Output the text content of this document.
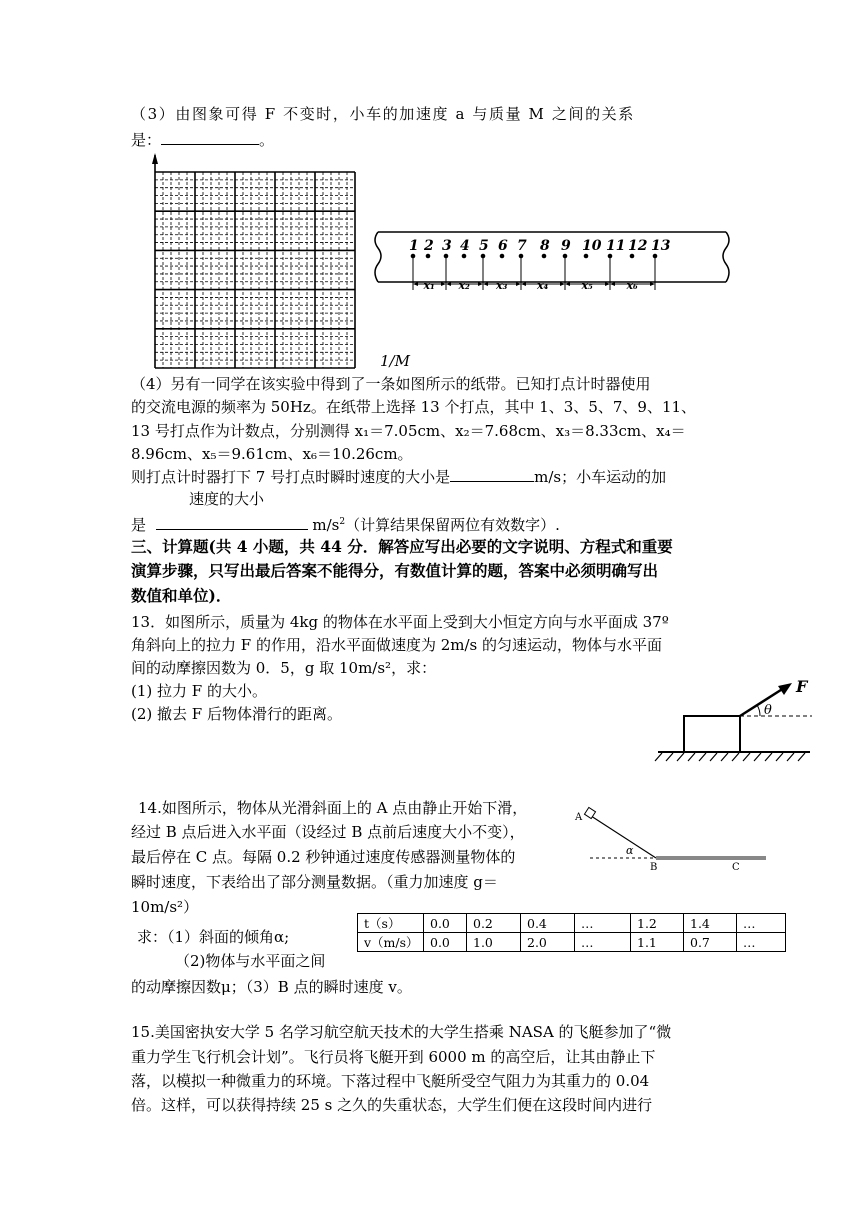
（3）由图象可得 F 不变时，小车的加速度 a 与质量 M 之间的关系
是：	。
1/M
1 2 3 4 5 6 7 8 9 10 11 12 13
x₁ x₂ x₃	x₄	x₅	x₆
（4）另有一同学在该实验中得到了一条如图所示的纸带。已知打点计时器使用
的交流电源的频率为 50Hz。在纸带上选择 13 个打点，其中 1、3、5、7、9、11、
13 号打点作为计数点，分别测得 x₁＝7.05cm、x₂＝7.68cm、x₃＝8.33cm、x₄＝
8.96cm、x₅＝9.61cm、x₆＝10.26cm。
则打点计时器打下 7 号打点时瞬时速度的大小是	m/s；小车运动的加
速度的大小
是	$m/s^2$（计算结果保留两位有效数字）.
三、计算题(共 4 小题，共 44 分．解答应写出必要的文字说明、方程式和重要
演算步骤，只写出最后答案不能得分，有数值计算的题，答案中必须明确写出
数值和单位)．
13．如图所示，质量为 4kg 的物体在水平面上受到大小恒定方向与水平面成 37º
角斜向上的拉力 F 的作用，沿水平面做速度为 2m/s 的匀速运动，物体与水平面
间的动摩擦因数为 0．5，g 取 10m/s²，求：
(1) 拉力 F 的大小。
(2) 撤去 F 后物体滑行的距离。
F
θ
14.如图所示，物体从光滑斜面上的 A 点由静止开始下滑，
经过 B 点后进入水平面（设经过 B 点前后速度大小不变），
最后停在 C 点。每隔 0.2 秒钟通过速度传感器测量物体的
瞬时速度，下表给出了部分测量数据。（重力加速度 g＝
10m/s²）
求：（1）斜面的倾角α;
（2)物体与水平面之间
的动摩擦因数μ；（3）B 点的瞬时速度 v。
A
α
B	C
t（s）	0.0	0.2	0.4	…	1.2	1.4	…
v（m/s）	0.0	1.0	2.0	…	1.1	0.7	…
15.美国密执安大学 5 名学习航空航天技术的大学生搭乘 NASA 的飞艇参加了“微
重力学生飞行机会计划”。飞行员将飞艇开到 6000 m 的高空后，让其由静止下
落，以模拟一种微重力的环境。下落过程中飞艇所受空气阻力为其重力的 0.04
倍。这样，可以获得持续 25 s 之久的失重状态，大学生们便在这段时间内进行
